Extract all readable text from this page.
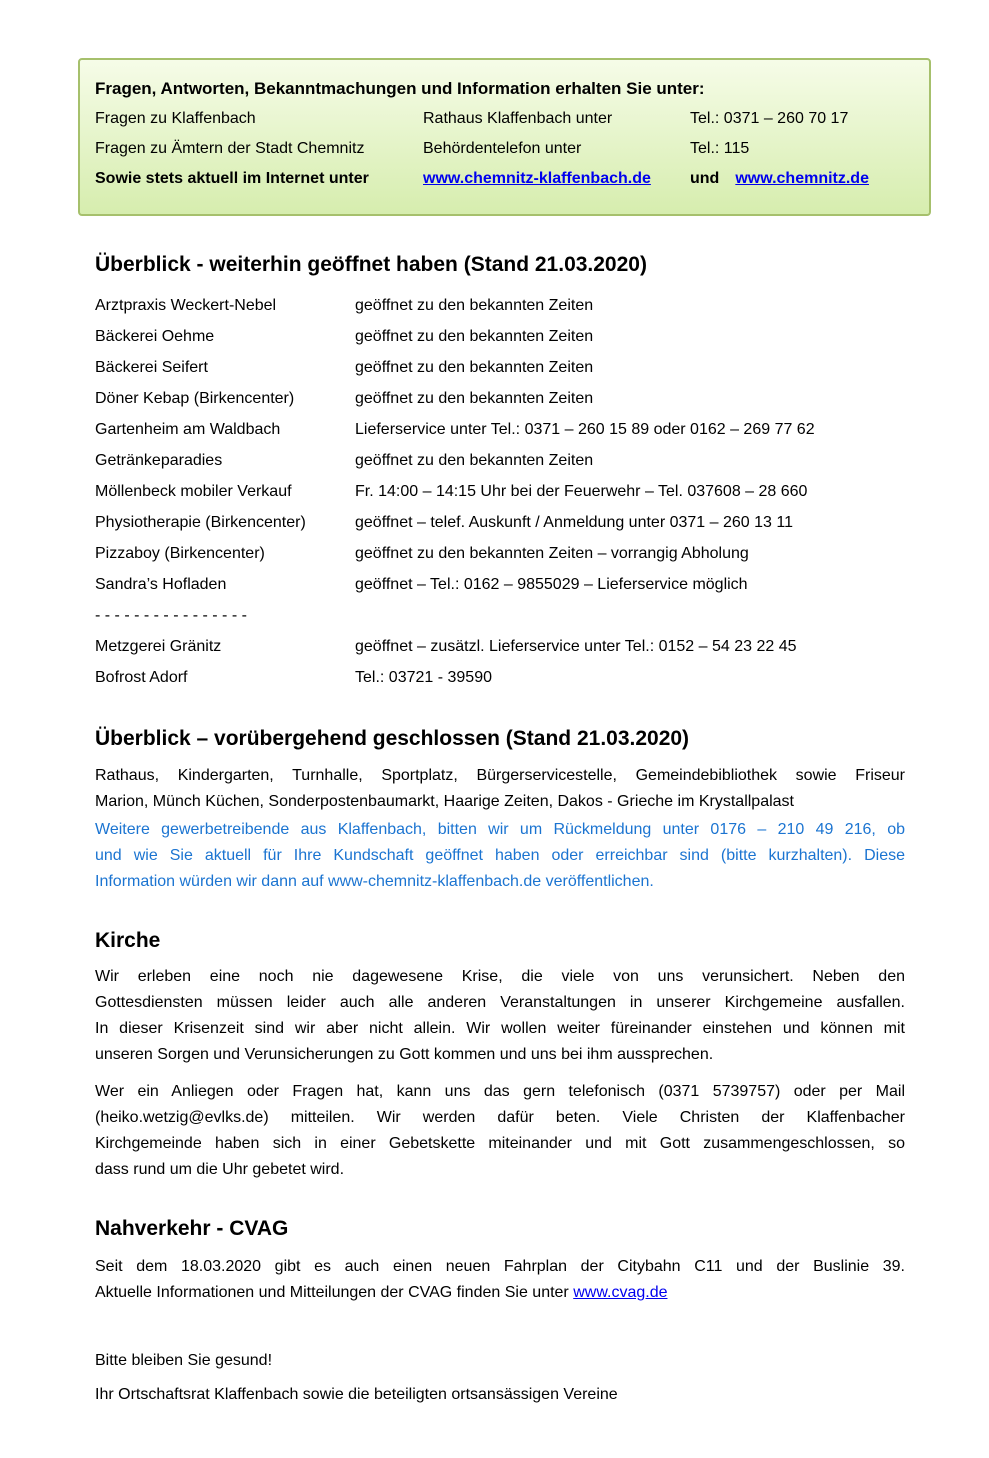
Fragen, Antworten, Bekanntmachungen und Information erhalten Sie unter:
Fragen zu Klaffenbach	Rathaus Klaffenbach unter	Tel.: 0371 – 260 70 17
Fragen zu Ämtern der Stadt Chemnitz	Behördentelefon unter	Tel.: 115
Sowie stets aktuell im Internet unter	www.chemnitz-klaffenbach.de	und www.chemnitz.de
Überblick - weiterhin geöffnet haben (Stand 21.03.2020)
Arztpraxis Weckert-Nebel	geöffnet zu den bekannten Zeiten
Bäckerei Oehme	geöffnet zu den bekannten Zeiten
Bäckerei Seifert	geöffnet zu den bekannten Zeiten
Döner Kebap (Birkencenter)	geöffnet zu den bekannten Zeiten
Gartenheim am Waldbach	Lieferservice unter Tel.: 0371 – 260 15 89 oder 0162 – 269 77 62
Getränkeparadies	geöffnet zu den bekannten Zeiten
Möllenbeck mobiler Verkauf	Fr. 14:00 – 14:15 Uhr bei der Feuerwehr – Tel. 037608 – 28 660
Physiotherapie (Birkencenter)	geöffnet – telef. Auskunft / Anmeldung unter 0371 – 260 13 11
Pizzaboy (Birkencenter)	geöffnet zu den bekannten Zeiten – vorrangig Abholung
Sandra’s Hofladen	geöffnet – Tel.: 0162 – 9855029 – Lieferservice möglich
- - - - - - - - - - - - - - - -
Metzgerei Gränitz	geöffnet – zusätzl. Lieferservice unter Tel.: 0152 – 54 23 22 45
Bofrost Adorf	Tel.: 03721 - 39590
Überblick – vorübergehend geschlossen (Stand 21.03.2020)
Rathaus, Kindergarten, Turnhalle, Sportplatz, Bürgerservicestelle, Gemeindebibliothek sowie Friseur
Marion, Münch Küchen, Sonderpostenbaumarkt, Haarige Zeiten, Dakos - Grieche im Krystallpalast
Weitere gewerbetreibende aus Klaffenbach, bitten wir um Rückmeldung unter 0176 – 210 49 216, ob
und wie Sie aktuell für Ihre Kundschaft geöffnet haben oder erreichbar sind (bitte kurzhalten). Diese
Information würden wir dann auf www-chemnitz-klaffenbach.de veröffentlichen.
Kirche
Wir erleben eine noch nie dagewesene Krise, die viele von uns verunsichert. Neben den
Gottesdiensten müssen leider auch alle anderen Veranstaltungen in unserer Kirchgemeine ausfallen.
In dieser Krisenzeit sind wir aber nicht allein. Wir wollen weiter füreinander einstehen und können mit
unseren Sorgen und Verunsicherungen zu Gott kommen und uns bei ihm aussprechen.
Wer ein Anliegen oder Fragen hat, kann uns das gern telefonisch (0371 5739757) oder per Mail
(heiko.wetzig@evlks.de) mitteilen. Wir werden dafür beten. Viele Christen der Klaffenbacher
Kirchgemeinde haben sich in einer Gebetskette miteinander und mit Gott zusammengeschlossen, so
dass rund um die Uhr gebetet wird.
Nahverkehr - CVAG
Seit dem 18.03.2020 gibt es auch einen neuen Fahrplan der Citybahn C11 und der Buslinie 39.
Aktuelle Informationen und Mitteilungen der CVAG finden Sie unter www.cvag.de
Bitte bleiben Sie gesund!
Ihr Ortschaftsrat Klaffenbach sowie die beteiligten ortsansässigen Vereine
